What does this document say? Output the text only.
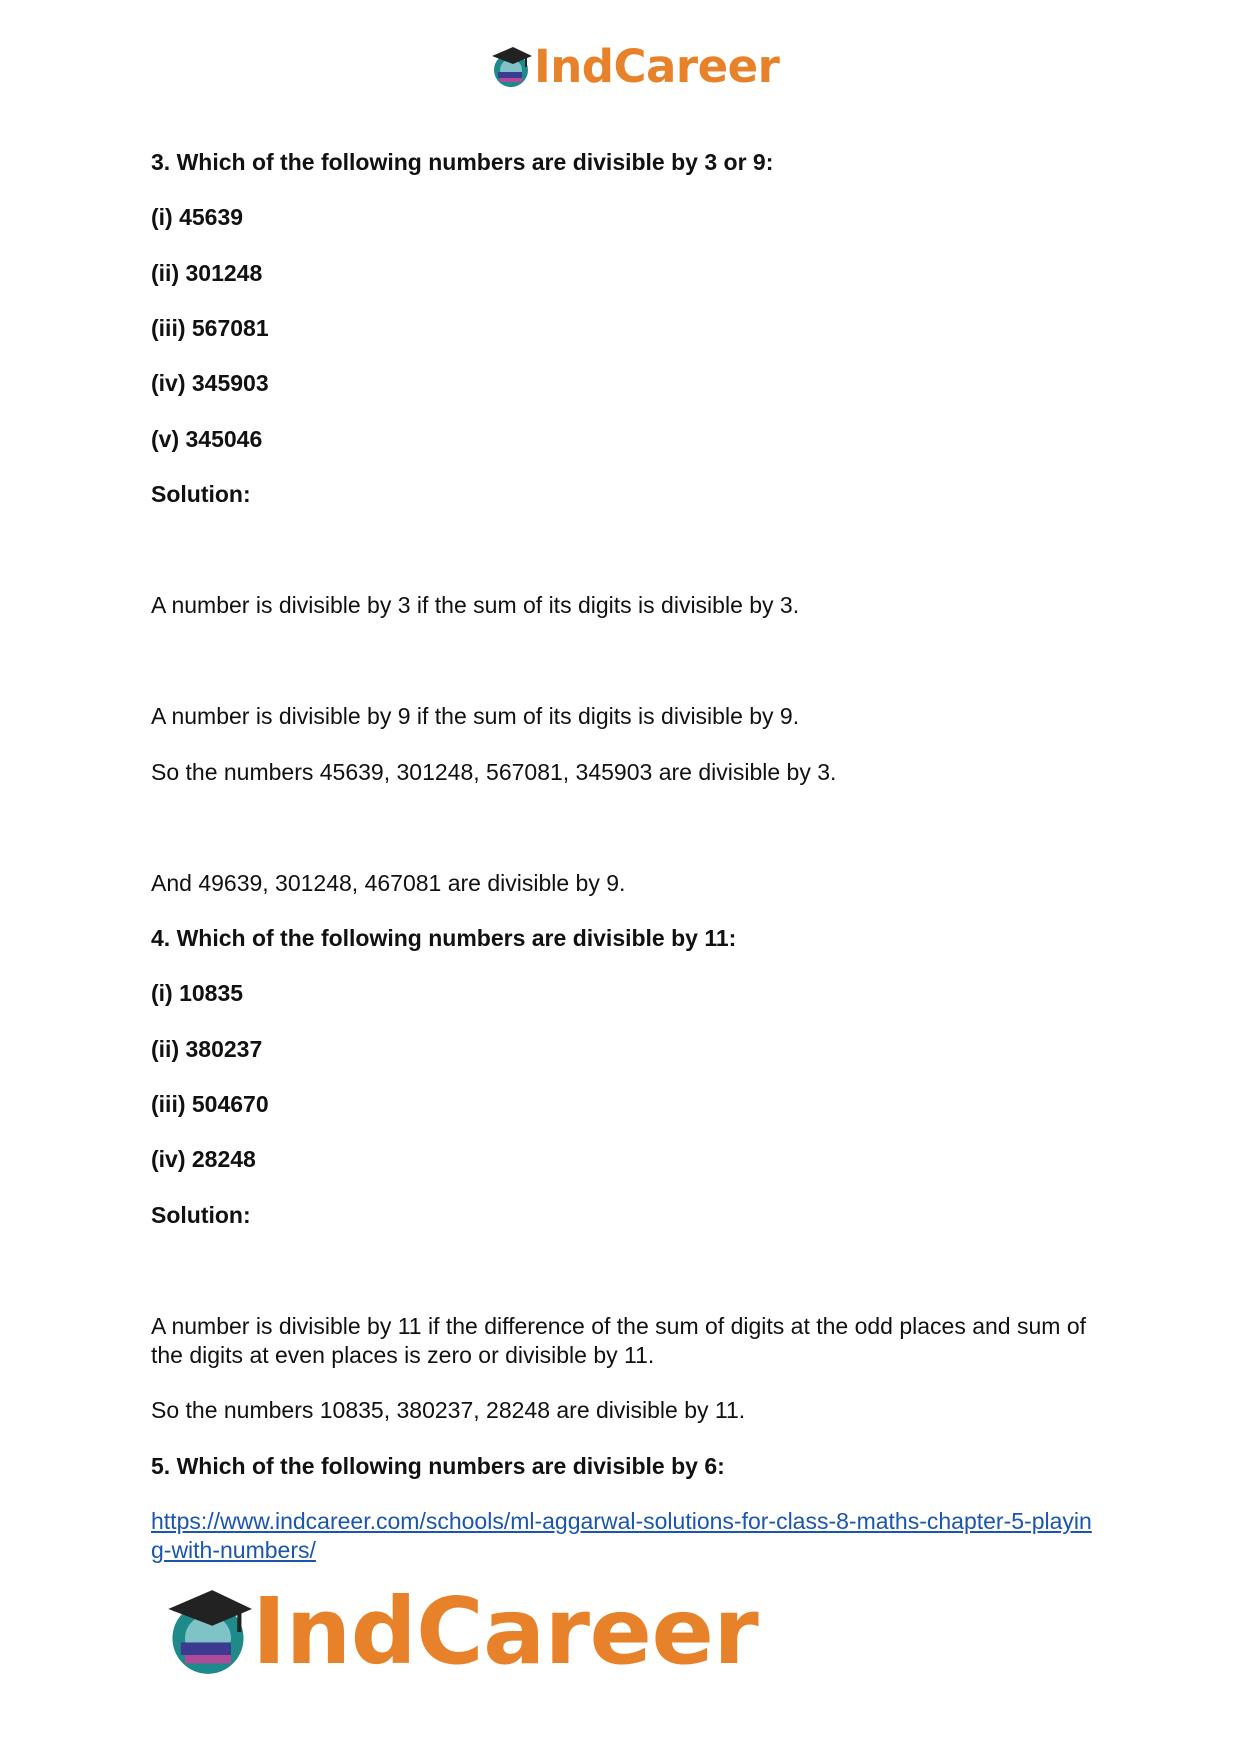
IndCareer

3. Which of the following numbers are divisible by 3 or 9:

(i) 45639

(ii) 301248

(iii) 567081

(iv) 345903

(v) 345046

Solution:

A number is divisible by 3 if the sum of its digits is divisible by 3.

A number is divisible by 9 if the sum of its digits is divisible by 9.

So the numbers 45639, 301248, 567081, 345903 are divisible by 3.

And 49639, 301248, 467081 are divisible by 9.

4. Which of the following numbers are divisible by 11:

(i) 10835

(ii) 380237

(iii) 504670

(iv) 28248

Solution:

A number is divisible by 11 if the difference of the sum of digits at the odd places and sum of the digits at even places is zero or divisible by 11.

So the numbers 10835, 380237, 28248 are divisible by 11.

5. Which of the following numbers are divisible by 6:

https://www.indcareer.com/schools/ml-aggarwal-solutions-for-class-8-maths-chapter-5-playing-with-numbers/

IndCareer
